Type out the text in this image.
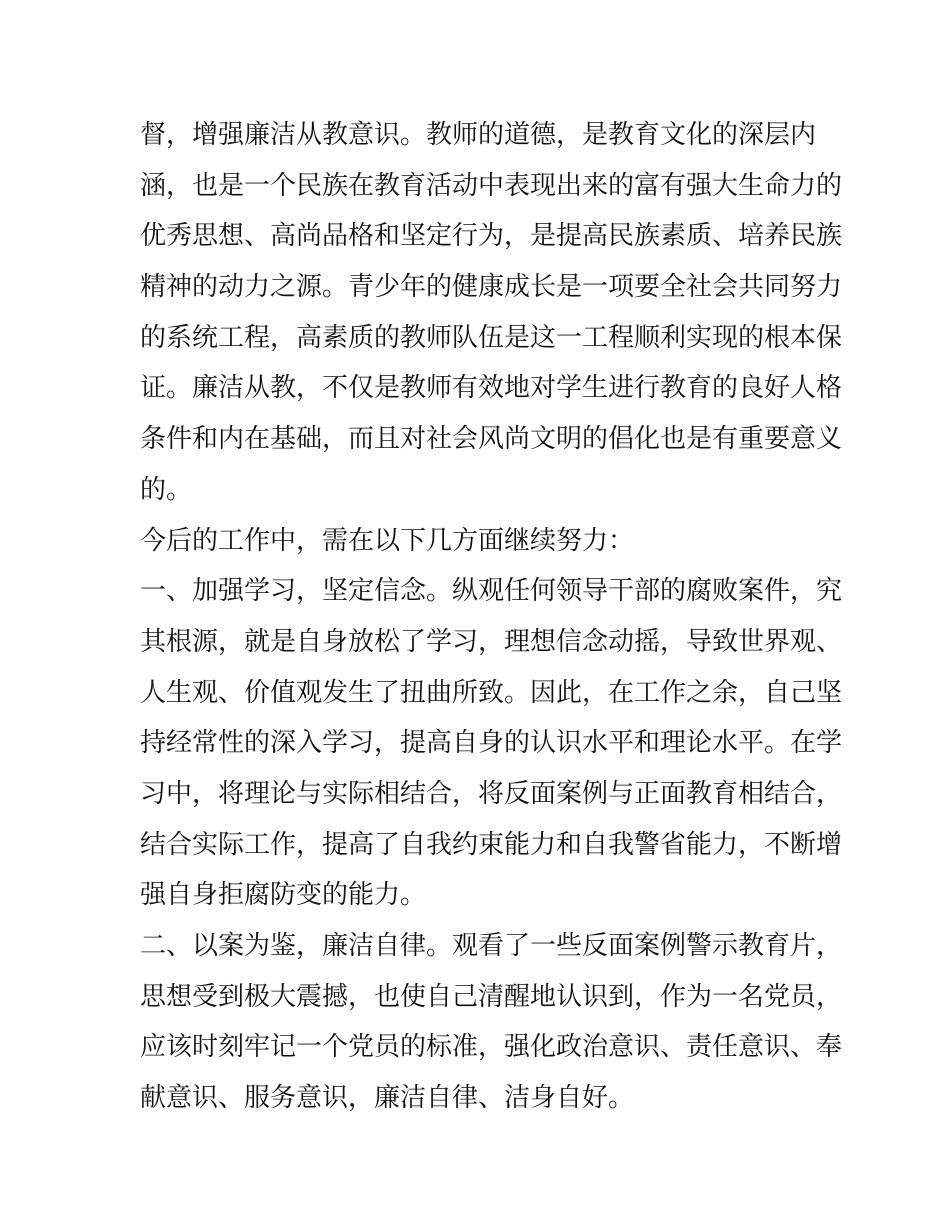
督，增强廉洁从教意识。教师的道德，是教育文化的深层内
涵，也是一个民族在教育活动中表现出来的富有强大生命力的
优秀思想、高尚品格和坚定行为，是提高民族素质、培养民族
精神的动力之源。青少年的健康成长是一项要全社会共同努力
的系统工程，高素质的教师队伍是这一工程顺利实现的根本保
证。廉洁从教，不仅是教师有效地对学生进行教育的良好人格
条件和内在基础，而且对社会风尚文明的倡化也是有重要意义
的。
今后的工作中，需在以下几方面继续努力：
一、加强学习，坚定信念。纵观任何领导干部的腐败案件，究
其根源，就是自身放松了学习，理想信念动摇，导致世界观、
人生观、价值观发生了扭曲所致。因此，在工作之余，自己坚
持经常性的深入学习，提高自身的认识水平和理论水平。在学
习中，将理论与实际相结合，将反面案例与正面教育相结合，
结合实际工作，提高了自我约束能力和自我警省能力，不断增
强自身拒腐防变的能力。
二、以案为鉴，廉洁自律。观看了一些反面案例警示教育片，
思想受到极大震撼，也使自己清醒地认识到，作为一名党员，
应该时刻牢记一个党员的标准，强化政治意识、责任意识、奉
献意识、服务意识，廉洁自律、洁身自好。
